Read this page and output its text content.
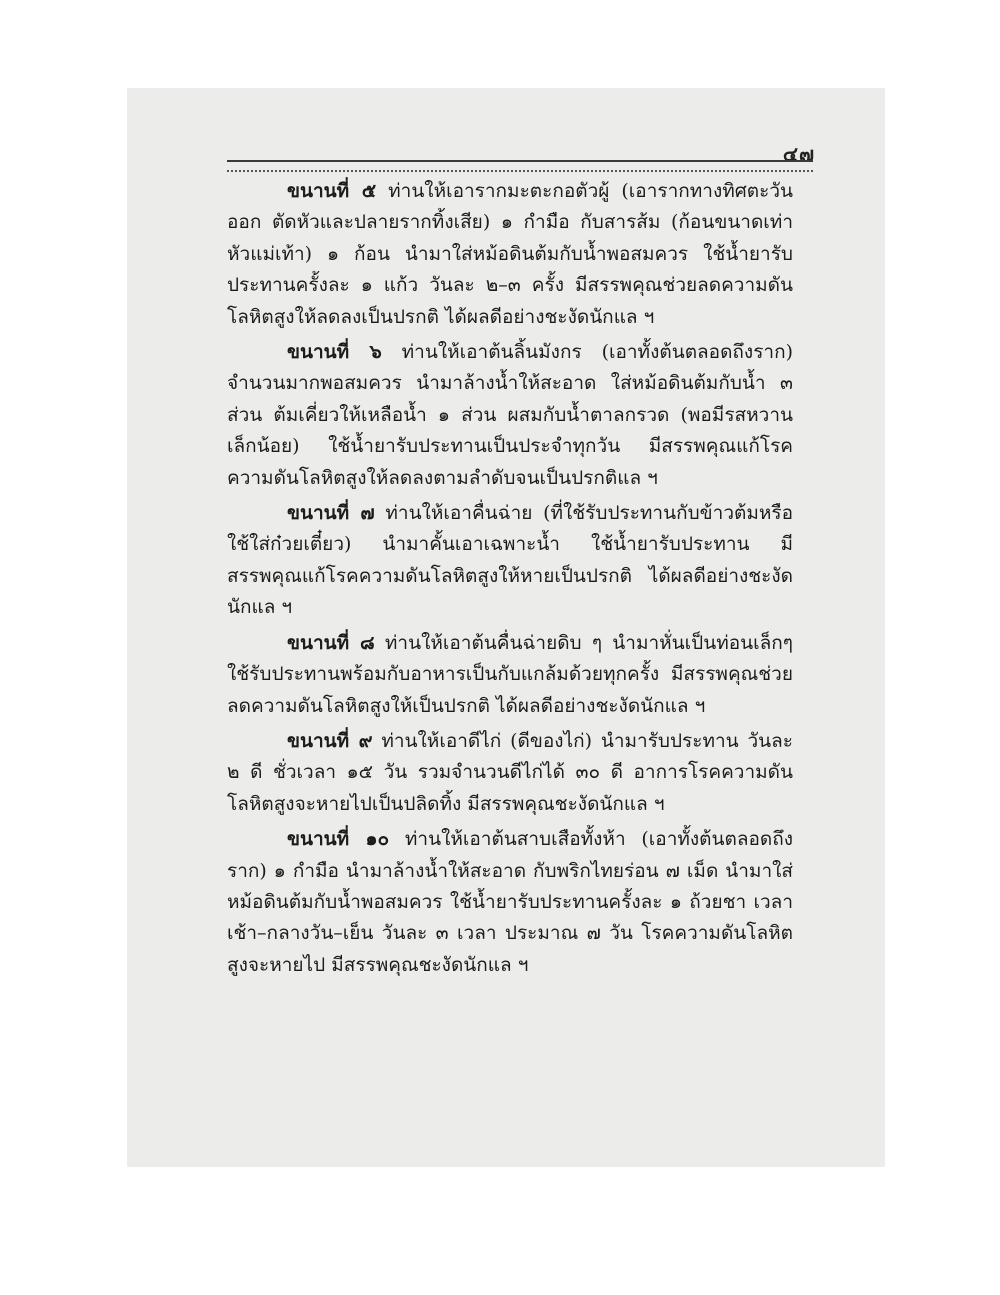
๔๗

ขนานที่ ๕ ท่านให้เอารากมะตะกอตัวผู้ (เอารากทางทิศตะวันออก ตัดหัวและปลายรากทิ้งเสีย) ๑ กำมือ กับสารส้ม (ก้อนขนาดเท่าหัวแม่เท้า) ๑ ก้อน นำมาใส่หม้อดินต้มกับน้ำพอสมควร ใช้น้ำยารับประทานครั้งละ ๑ แก้ว วันละ ๒–๓ ครั้ง มีสรรพคุณช่วยลดความดันโลหิตสูงให้ลดลงเป็นปรกติ ได้ผลดีอย่างชะงัดนักแล ฯ

ขนานที่ ๖ ท่านให้เอาต้นลิ้นมังกร (เอาทั้งต้นตลอดถึงราก) จำนวนมากพอสมควร นำมาล้างน้ำให้สะอาด ใส่หม้อดินต้มกับน้ำ ๓ ส่วน ต้มเคี่ยวให้เหลือน้ำ ๑ ส่วน ผสมกับน้ำตาลกรวด (พอมีรสหวานเล็กน้อย) ใช้น้ำยารับประทานเป็นประจำทุกวัน มีสรรพคุณแก้โรคความดันโลหิตสูงให้ลดลงตามลำดับจนเป็นปรกติแล ฯ

ขนานที่ ๗ ท่านให้เอาคื่นฉ่าย (ที่ใช้รับประทานกับข้าวต้มหรือใช้ใส่ก๋วยเตี๋ยว) นำมาคั้นเอาเฉพาะน้ำ ใช้น้ำยารับประทาน มีสรรพคุณแก้โรคความดันโลหิตสูงให้หายเป็นปรกติ ได้ผลดีอย่างชะงัดนักแล ฯ

ขนานที่ ๘ ท่านให้เอาต้นคื่นฉ่ายดิบ ๆ นำมาหั่นเป็นท่อนเล็กๆ ใช้รับประทานพร้อมกับอาหารเป็นกับแกล้มด้วยทุกครั้ง มีสรรพคุณช่วยลดความดันโลหิตสูงให้เป็นปรกติ ได้ผลดีอย่างชะงัดนักแล ฯ

ขนานที่ ๙ ท่านให้เอาดีไก่ (ดีของไก่) นำมารับประทาน วันละ ๒ ดี ชั่วเวลา ๑๕ วัน รวมจำนวนดีไก่ได้ ๓๐ ดี อาการโรคความดันโลหิตสูงจะหายไปเป็นปลิดทิ้ง มีสรรพคุณชะงัดนักแล ฯ

ขนานที่ ๑๐ ท่านให้เอาต้นสาบเสือทั้งห้า (เอาทั้งต้นตลอดถึงราก) ๑ กำมือ นำมาล้างน้ำให้สะอาด กับพริกไทยร่อน ๗ เม็ด นำมาใส่หม้อดินต้มกับน้ำพอสมควร ใช้น้ำยารับประทานครั้งละ ๑ ถ้วยชา เวลาเช้า–กลางวัน–เย็น วันละ ๓ เวลา ประมาณ ๗ วัน โรคความดันโลหิตสูงจะหายไป มีสรรพคุณชะงัดนักแล ฯ
